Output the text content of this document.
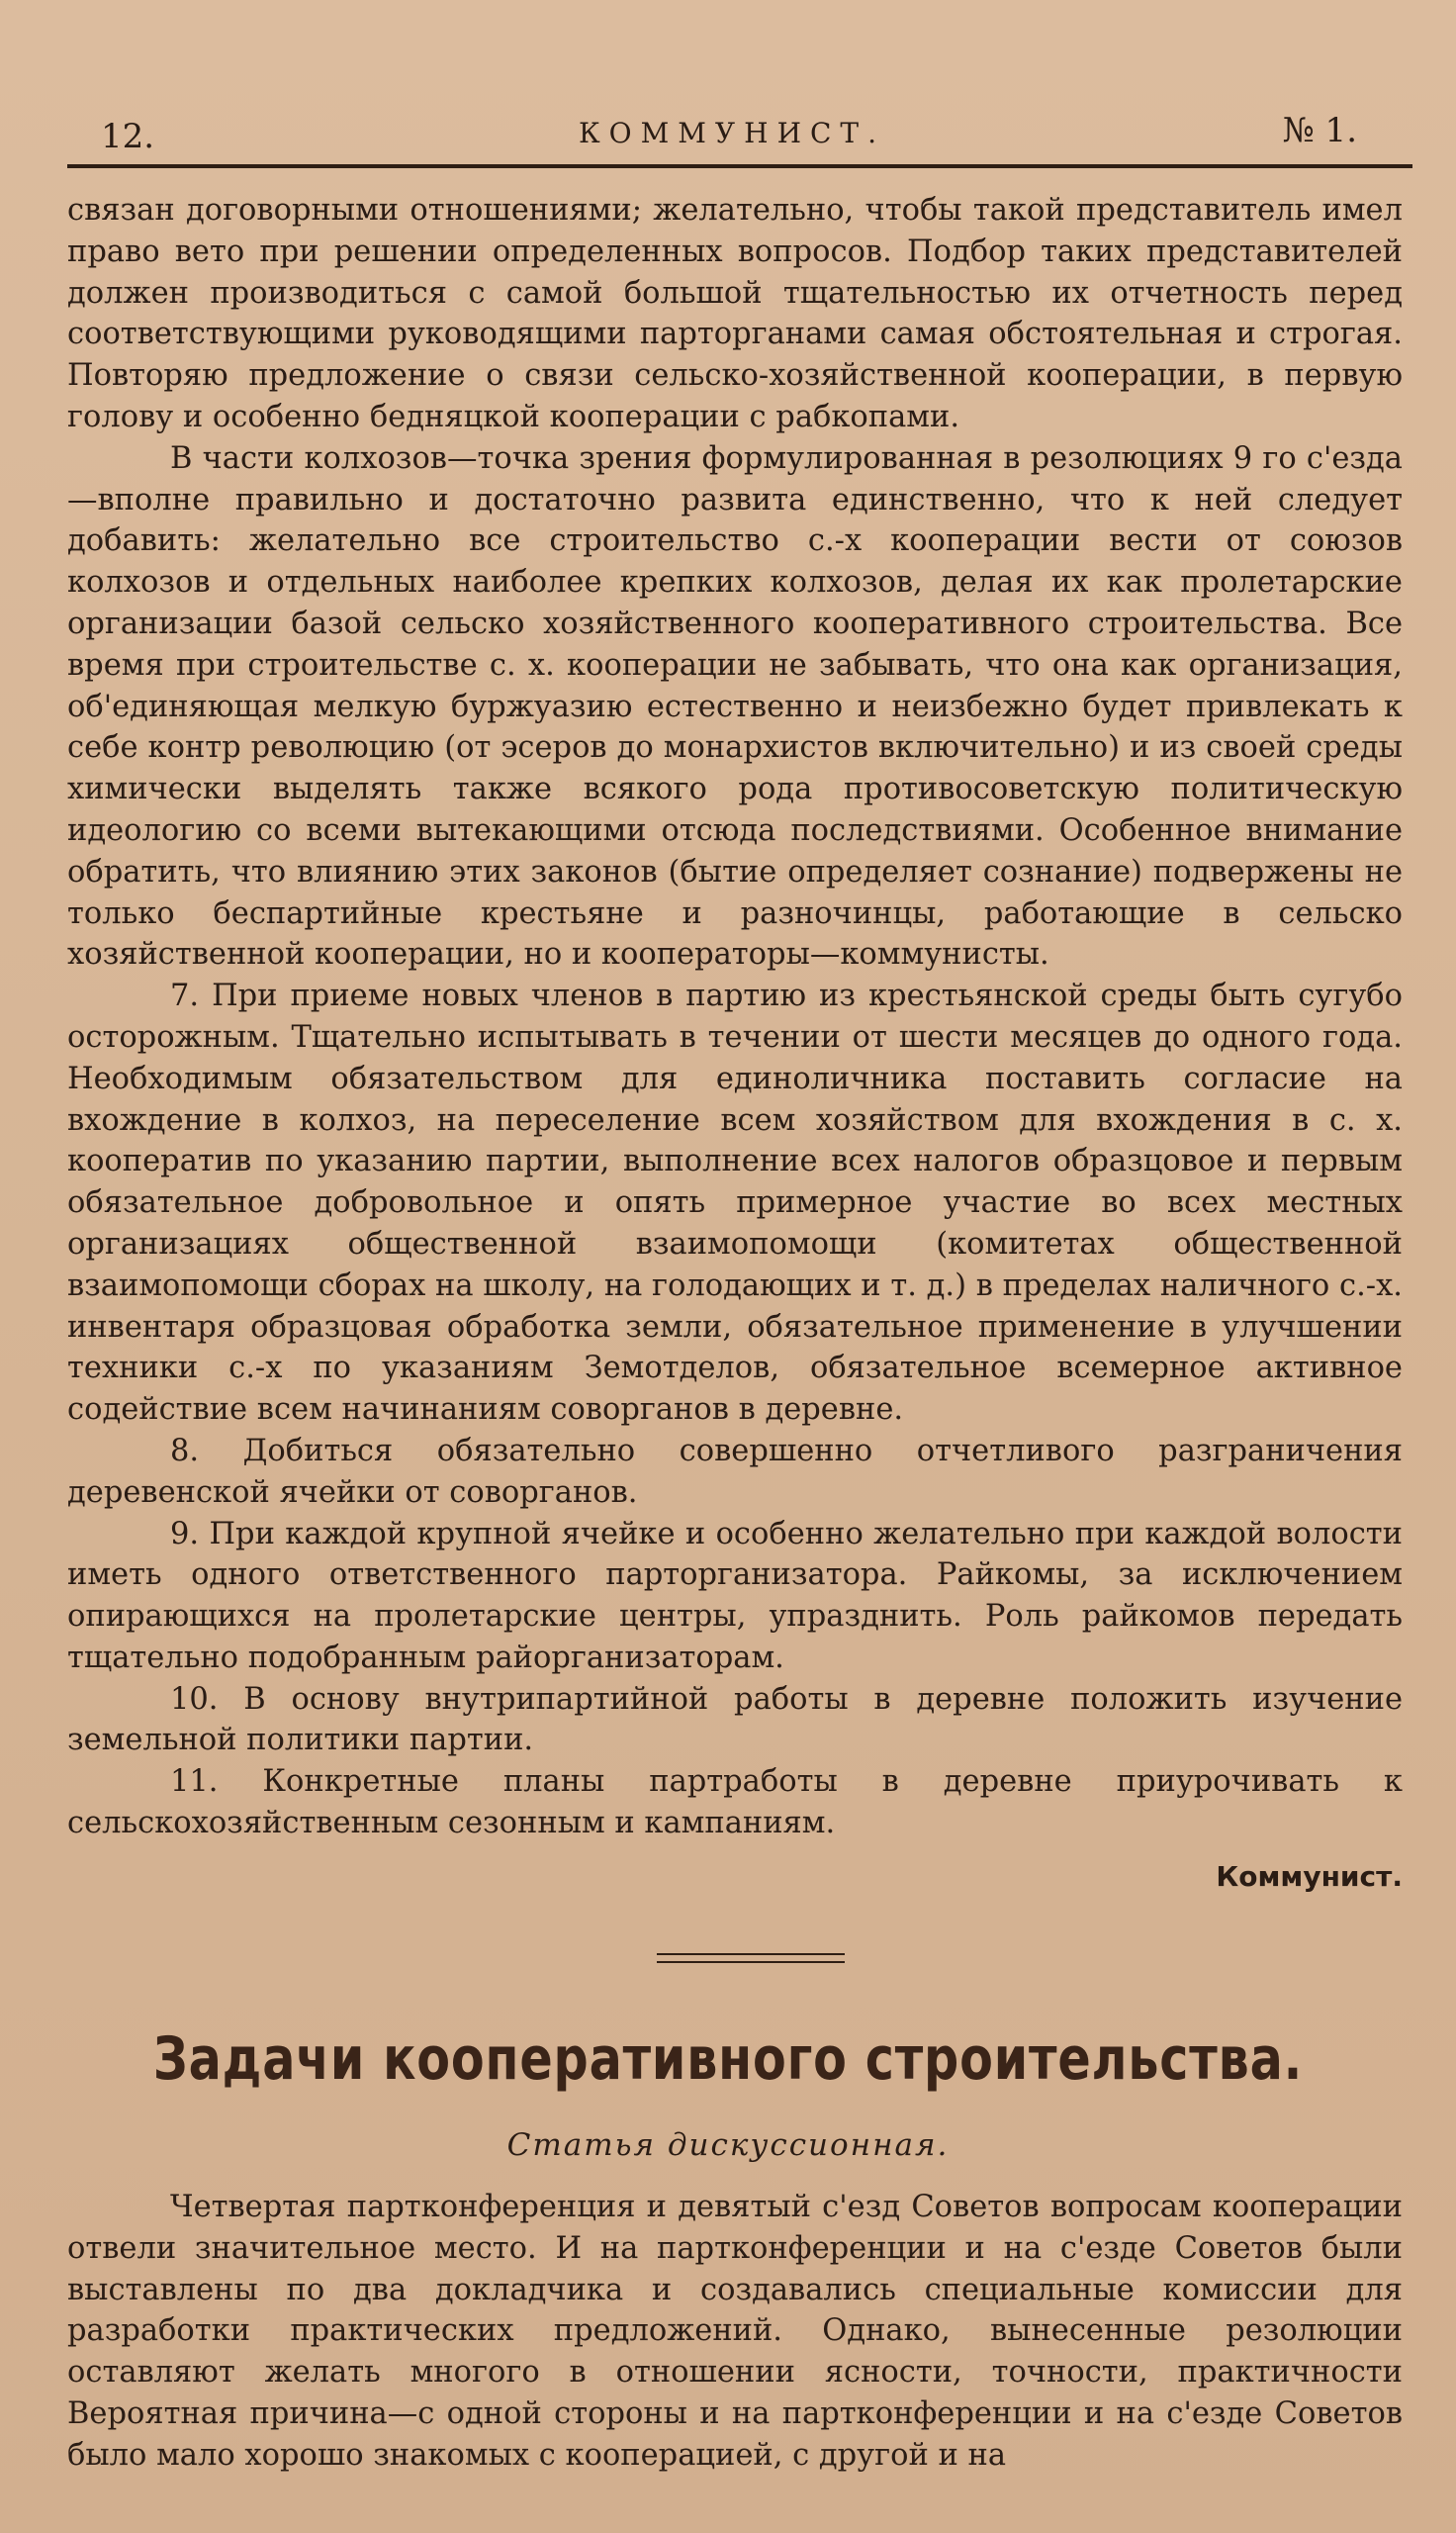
12.	КОММУНИСТ.	№ 1.

связан договорными отношениями; желательно, чтобы такой представитель имел право вето при решении определенных вопросов. Подбор таких представителей должен производиться с самой большой тщательностью их отчетность перед соответствующими руководящими парторганами самая обстоятельная и строгая. Повторяю предложение о связи сельско-хозяйственной кооперации, в первую голову и особенно бедняцкой кооперации с рабкопами.

В части колхозов—точка зрения формулированная в резолюциях 9 го с'езда—вполне правильно и достаточно развита единственно, что к ней следует добавить: желательно все строительство с.-х кооперации вести от союзов колхозов и отдельных наиболее крепких колхозов, делая их как пролетарские организации базой сельско хозяйственного кооперативного строительства. Все время при строительстве с. х. кооперации не забывать, что она как организация, об'единяющая мелкую буржуазию естественно и неизбежно будет привлекать к себе контр революцию (от эсеров до монархистов включительно) и из своей среды химически выделять также всякого рода противосоветскую политическую идеологию со всеми вытекающими отсюда последствиями. Особенное внимание обратить, что влиянию этих законов (бытие определяет сознание) подвержены не только беспартийные крестьяне и разночинцы, работающие в сельско хозяйственной кооперации, но и кооператоры—коммунисты.

7. При приеме новых членов в партию из крестьянской среды быть сугубо осторожным. Тщательно испытывать в течении от шести месяцев до одного года. Необходимым обязательством для единоличника поставить согласие на вхождение в колхоз, на переселение всем хозяйством для вхождения в с. х. кооператив по указанию партии, выполнение всех налогов образцовое и первым обязательное добровольное и опять примерное участие во всех местных организациях общественной взаимопомощи (комитетах общественной взаимопомощи сборах на школу, на голодающих и т. д.) в пределах наличного с.-х. инвентаря образцовая обработка земли, обязательное применение в улучшении техники с.-х по указаниям Земотделов, обязательное всемерное активное содействие всем начинаниям соворганов в деревне.

8. Добиться обязательно совершенно отчетливого разграничения деревенской ячейки от соворганов.

9. При каждой крупной ячейке и особенно желательно при каждой волости иметь одного ответственного парторганизатора. Райкомы, за исключением опирающихся на пролетарские центры, упразднить. Роль райкомов передать тщательно подобранным райорганизаторам.

10. В основу внутрипартийной работы в деревне положить изучение земельной политики партии.

11. Конкретные планы партработы в деревне приурочивать к сельскохозяйственным сезонным и кампаниям.

Коммунист.
Задачи кооперативного строительства.
Статья дискуссионная.

Четвертая партконференция и девятый с'езд Советов вопросам кооперации отвели значительное место. И на партконференции и на с'езде Советов были выставлены по два докладчика и создавались специальные комиссии для разработки практических предложений. Однако, вынесенные резолюции оставляют желать многого в отношении ясности, точности, практичности Вероятная причина—с одной стороны и на партконференции и на с'езде Советов было мало хорошо знакомых с кооперацией, с другой и на
